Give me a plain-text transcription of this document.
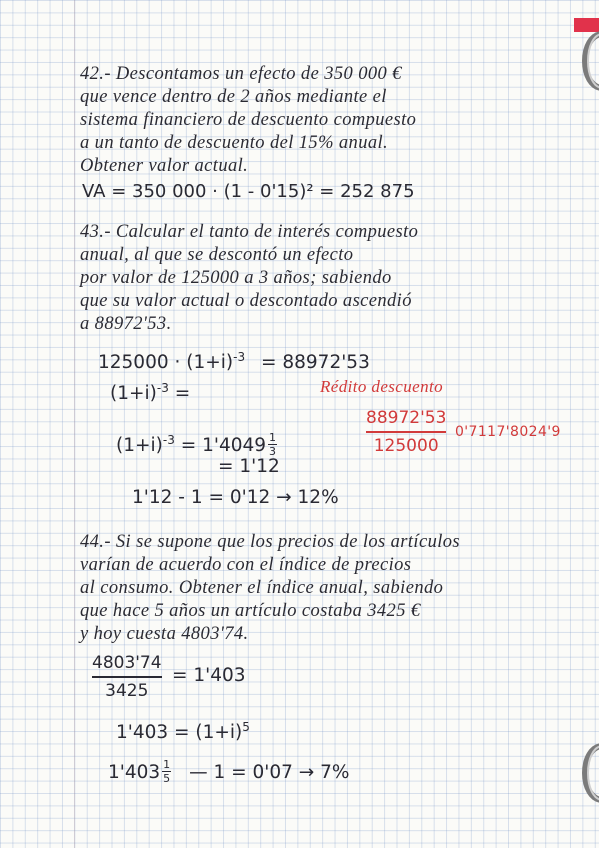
42.- Descontamos un efecto de 350 000 €
que vence dentro de 2 años mediante el
sistema financiero de descuento compuesto
a un tanto de descuento del 15% anual.
Obtener valor actual.
VA = 350 000 · (1 - 0'15)² = 252 875
43.- Calcular el tanto de interés compuesto
anual, al que se descontó un efecto
por valor de 125000 a 3 años; sabiendo
que su valor actual o descontado ascendió
a 88972'53.
$125000 \cdot (1+i)^{-3} = 88972'53$
$(1+i)^{-3}$ =	Rédito descuento
88972'53
125000
0'7117'8024'9
$(1+i)^{-3} = 1'4049 \frac{1}{3}$
= 1'12
1'12 - 1 = 0'12 → 12%
44.- Si se supone que los precios de los artículos
varían de acuerdo con el índice de precios
al consumo. Obtener el índice anual, sabiendo
que hace 5 años un artículo costaba 3425 €
y hoy cuesta 4803'74.
4803'74
3425
= 1'403
$1'403 = (1+i)^5$
$1'403 \frac{1}{5}$ — 1 = 0'07 → 7%
